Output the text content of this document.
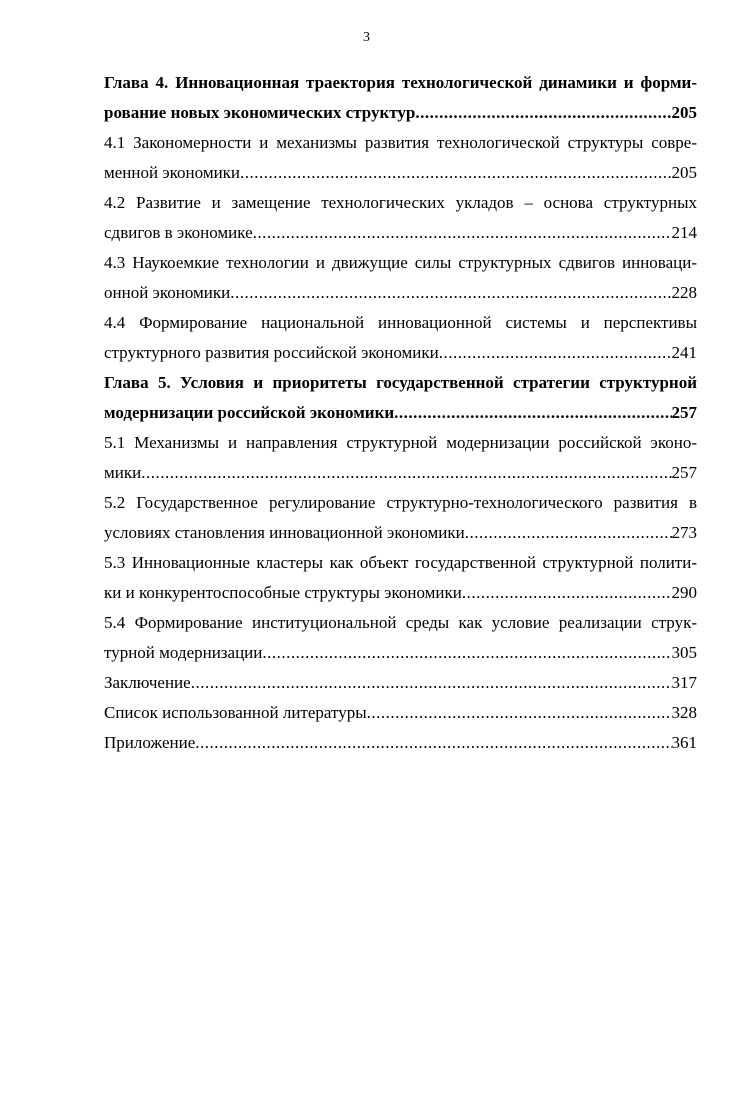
3
Глава 4. Инновационная траектория технологической динамики и форми-
рование новых экономических структур .....	205
4.1 Закономерности и механизмы развития технологической структуры совре-
менной экономики .....	205
4.2 Развитие и замещение технологических укладов – основа структурных
сдвигов в экономике .....	214
4.3 Наукоемкие технологии и движущие силы структурных сдвигов инноваци-
онной экономики .....	228
4.4 Формирование национальной инновационной системы и перспективы
структурного развития российской экономики .....	241
Глава 5. Условия и приоритеты государственной стратегии структурной
модернизации российской экономики .....	257
5.1 Механизмы и направления структурной модернизации российской эконо-
мики .....	257
5.2 Государственное регулирование структурно-технологического развития в
условиях становления инновационной экономики .....	273
5.3 Инновационные кластеры как объект государственной структурной полити-
ки и конкурентоспособные структуры экономики .....	290
5.4 Формирование институциональной среды как условие реализации струк-
турной модернизации .....	305
Заключение .....	317
Список использованной литературы .....	328
Приложение .....	361
